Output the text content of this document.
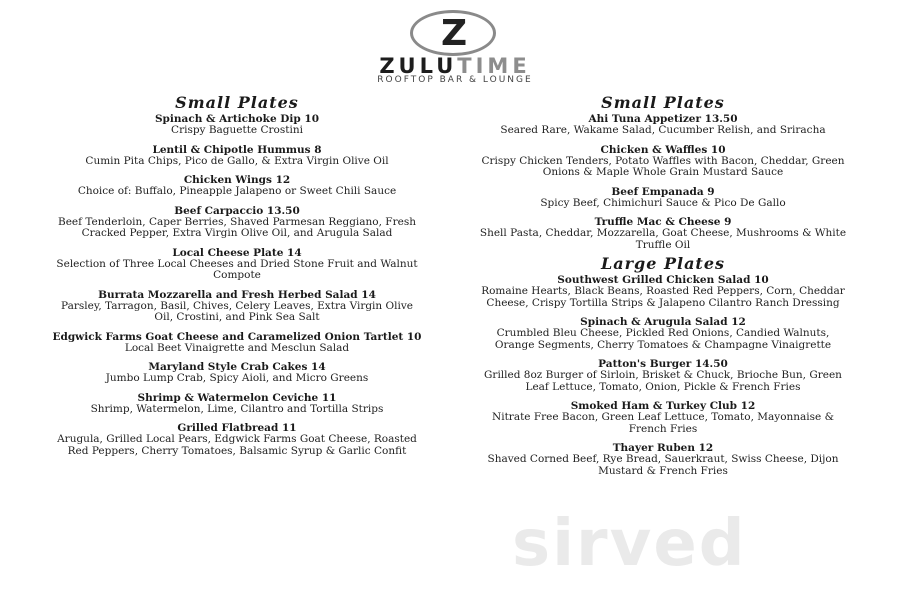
Z
ZULUTIME
ROOFTOP BAR & LOUNGE
Small Plates
Spinach & Artichoke Dip 10
Crispy Baguette Crostini
Lentil & Chipotle Hummus 8
Cumin Pita Chips, Pico de Gallo, & Extra Virgin Olive Oil
Chicken Wings 12
Choice of: Buffalo, Pineapple Jalapeno or Sweet Chili Sauce
Beef Carpaccio 13.50
Beef Tenderloin, Caper Berries, Shaved Parmesan Reggiano, Fresh Cracked Pepper, Extra Virgin Olive Oil, and Arugula Salad
Local Cheese Plate 14
Selection of Three Local Cheeses and Dried Stone Fruit and Walnut Compote
Burrata Mozzarella and Fresh Herbed Salad 14
Parsley, Tarragon, Basil, Chives, Celery Leaves, Extra Virgin Olive Oil, Crostini, and Pink Sea Salt
Edgwick Farms Goat Cheese and Caramelized Onion Tartlet 10
Local Beet Vinaigrette and Mesclun Salad
Maryland Style Crab Cakes 14
Jumbo Lump Crab, Spicy Aioli, and Micro Greens
Shrimp & Watermelon Ceviche 11
Shrimp, Watermelon, Lime, Cilantro and Tortilla Strips
Grilled Flatbread 11
Arugula, Grilled Local Pears, Edgwick Farms Goat Cheese, Roasted Red Peppers, Cherry Tomatoes, Balsamic Syrup & Garlic Confit
Small Plates
Ahi Tuna Appetizer 13.50
Seared Rare, Wakame Salad, Cucumber Relish, and Sriracha
Chicken & Waffles 10
Crispy Chicken Tenders, Potato Waffles with Bacon, Cheddar, Green Onions & Maple Whole Grain Mustard Sauce
Beef Empanada 9
Spicy Beef, Chimichuri Sauce & Pico De Gallo
Truffle Mac & Cheese 9
Shell Pasta, Cheddar, Mozzarella, Goat Cheese, Mushrooms & White Truffle Oil
Large Plates
Southwest Grilled Chicken Salad 10
Romaine Hearts, Black Beans, Roasted Red Peppers, Corn, Cheddar Cheese, Crispy Tortilla Strips & Jalapeno Cilantro Ranch Dressing
Spinach & Arugula Salad 12
Crumbled Bleu Cheese, Pickled Red Onions, Candied Walnuts, Orange Segments, Cherry Tomatoes & Champagne Vinaigrette
Patton's Burger 14.50
Grilled 8oz Burger of Sirloin, Brisket & Chuck, Brioche Bun, Green Leaf Lettuce, Tomato, Onion, Pickle & French Fries
Smoked Ham & Turkey Club 12
Nitrate Free Bacon, Green Leaf Lettuce, Tomato, Mayonnaise & French Fries
Thayer Ruben 12
Shaved Corned Beef, Rye Bread, Sauerkraut, Swiss Cheese, Dijon Mustard & French Fries
sirved
